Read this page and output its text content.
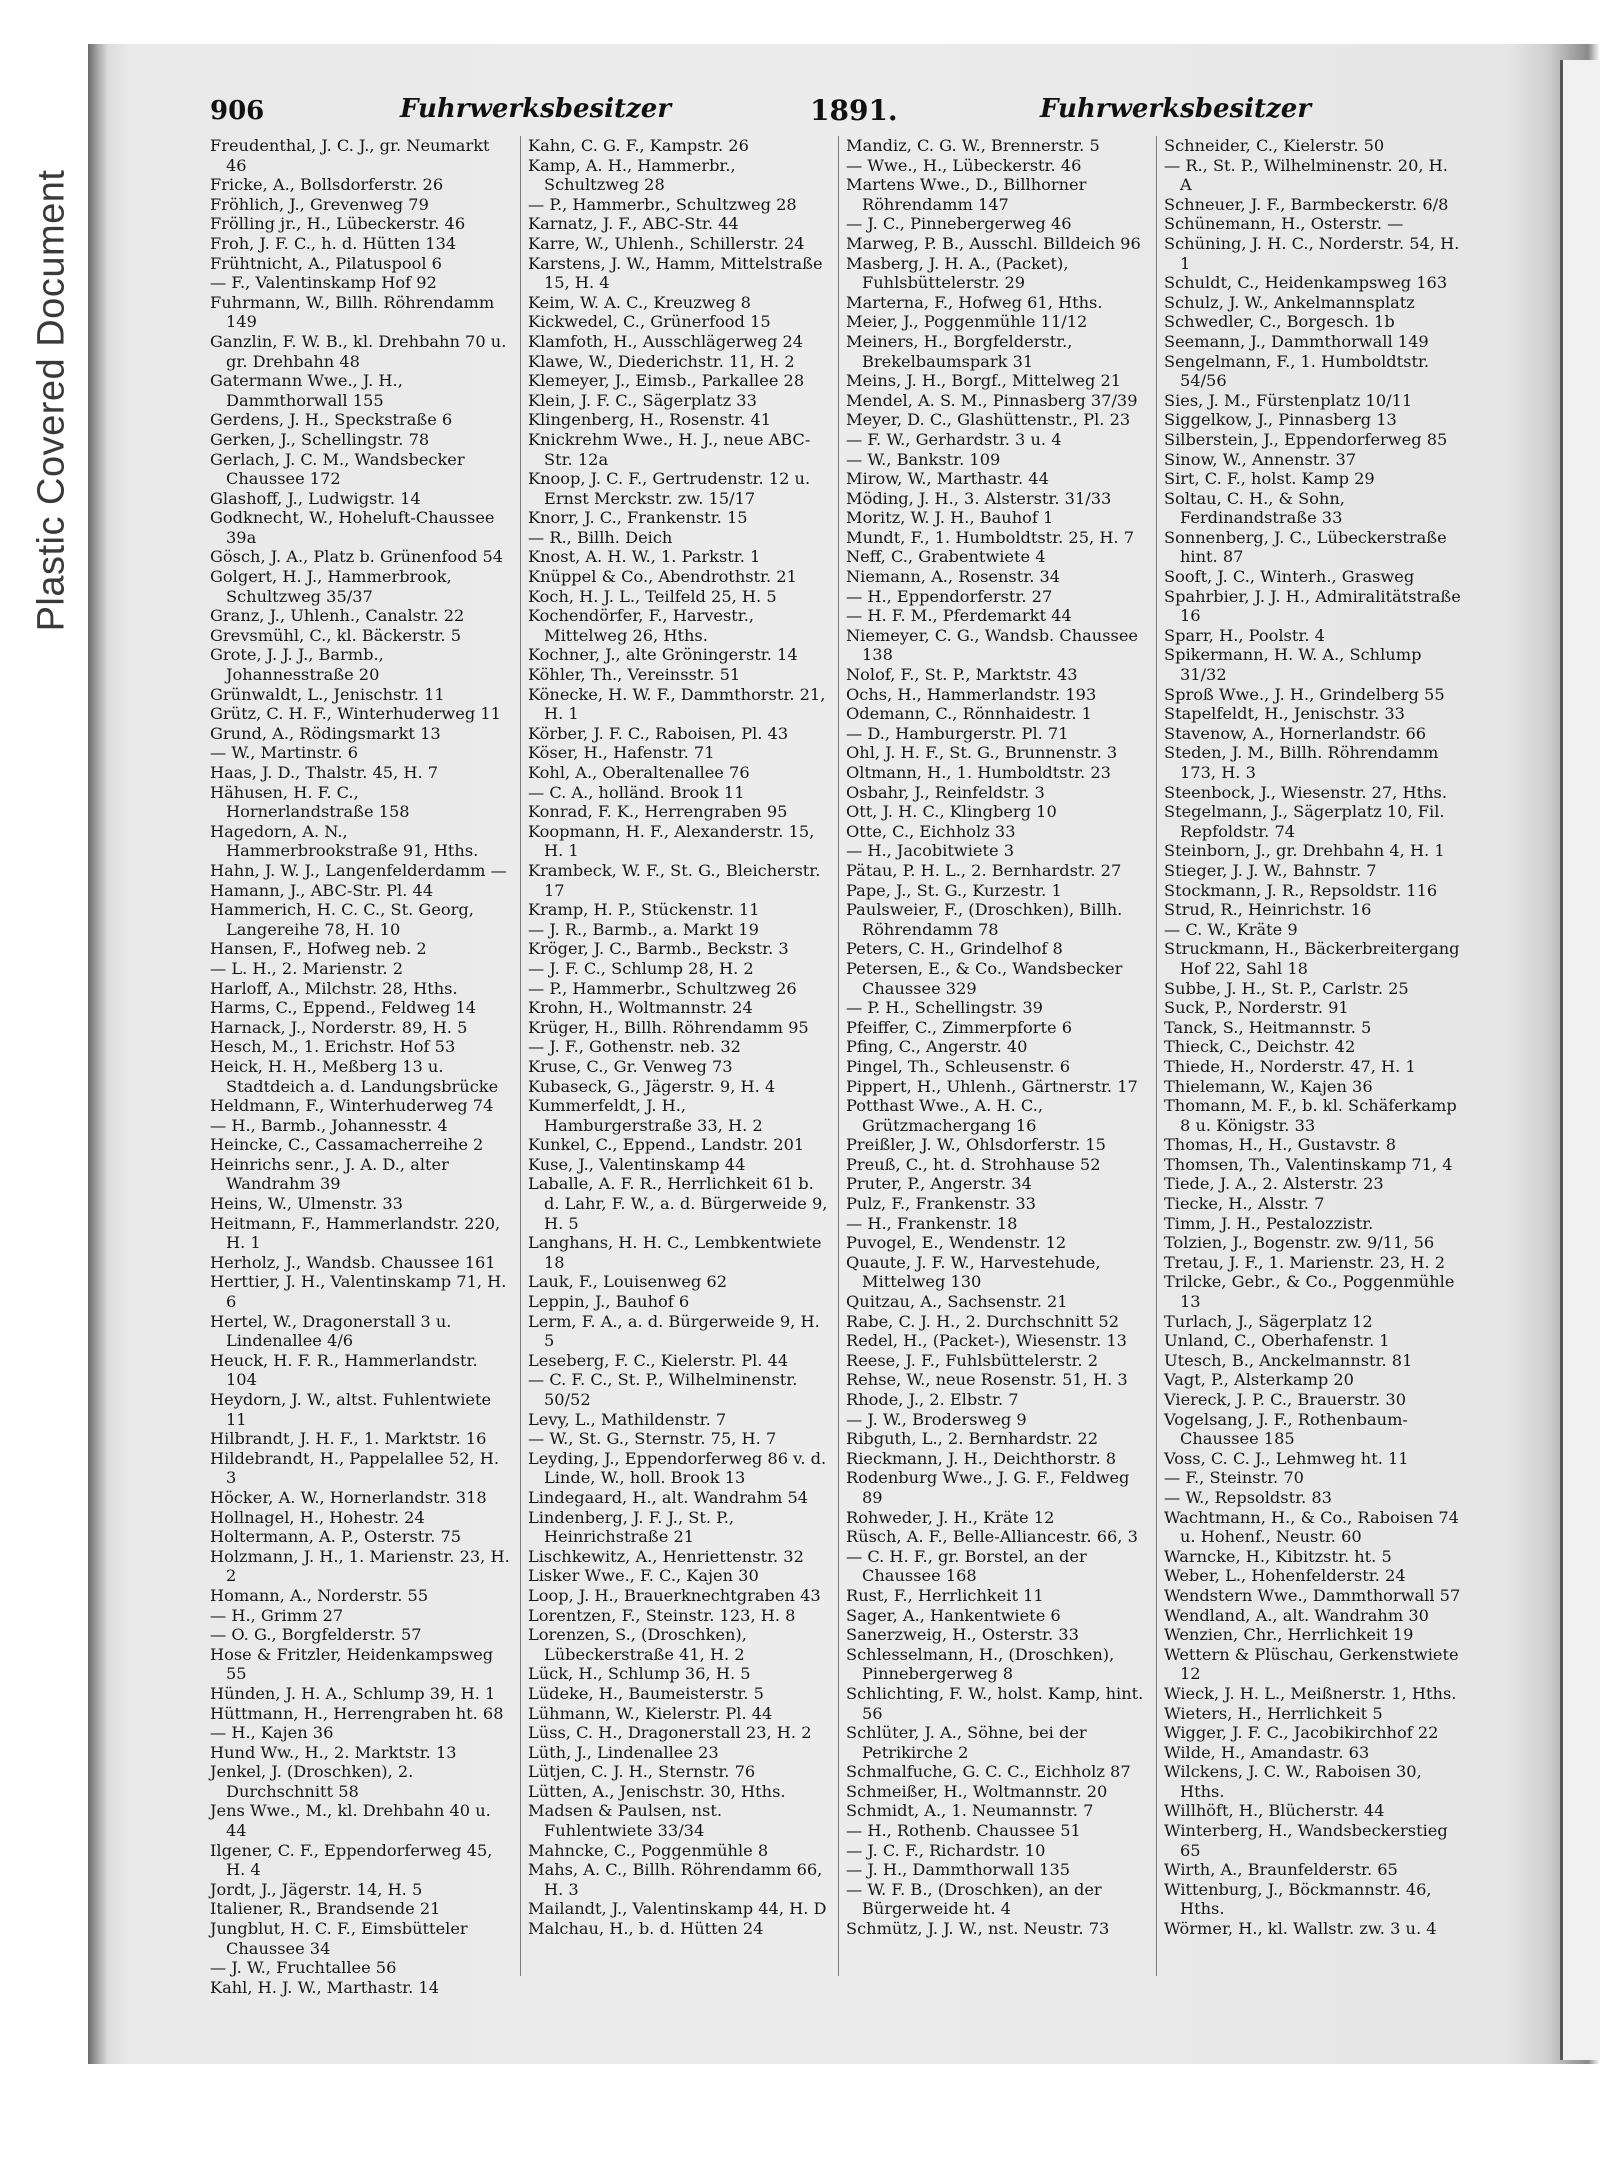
Plastic Covered Document
906	Fuhrwerksbesitzer	1891.	Fuhrwerksbesitzer

Freudenthal, J. C. J., gr. Neumarkt 46

Fricke, A., Bollsdorferstr. 26

Fröhlich, J., Grevenweg 79

Frölling jr., H., Lübeckerstr. 46

Froh, J. F. C., h. d. Hütten 134

Frühtnicht, A., Pilatuspool 6

— F., Valentinskamp Hof 92

Fuhrmann, W., Billh. Röhrendamm 149

Ganzlin, F. W. B., kl. Drehbahn 70 u. gr. Drehbahn 48

Gatermann Wwe., J. H., Dammthorwall 155

Gerdens, J. H., Speckstraße 6

Gerken, J., Schellingstr. 78

Gerlach, J. C. M., Wandsbecker Chaussee 172

Glashoff, J., Ludwigstr. 14

Godknecht, W., Hoheluft-Chaussee 39a

Gösch, J. A., Platz b. Grünenfood 54

Golgert, H. J., Hammerbrook, Schultzweg 35/37

Granz, J., Uhlenh., Canalstr. 22

Grevsmühl, C., kl. Bäckerstr. 5

Grote, J. J. J., Barmb., Johannesstraße 20

Grünwaldt, L., Jenischstr. 11

Grütz, C. H. F., Winterhuderweg 11

Grund, A., Rödingsmarkt 13

— W., Martinstr. 6

Haas, J. D., Thalstr. 45, H. 7

Hähusen, H. F. C., Hornerlandstraße 158

Hagedorn, A. N., Hammerbrookstraße 91, Hths.

Hahn, J. W. J., Langenfelderdamm —

Hamann, J., ABC-Str. Pl. 44

Hammerich, H. C. C., St. Georg, Langereihe 78, H. 10

Hansen, F., Hofweg neb. 2

— L. H., 2. Marienstr. 2

Harloff, A., Milchstr. 28, Hths.

Harms, C., Eppend., Feldweg 14

Harnack, J., Norderstr. 89, H. 5

Hesch, M., 1. Erichstr. Hof 53

Heick, H. H., Meßberg 13 u. Stadtdeich a. d. Landungsbrücke

Heldmann, F., Winterhuderweg 74

— H., Barmb., Johannesstr. 4

Heincke, C., Cassamacherreihe 2

Heinrichs senr., J. A. D., alter Wandrahm 39

Heins, W., Ulmenstr. 33

Heitmann, F., Hammerlandstr. 220, H. 1

Herholz, J., Wandsb. Chaussee 161

Herttier, J. H., Valentinskamp 71, H. 6

Hertel, W., Dragonerstall 3 u. Lindenallee 4/6

Heuck, H. F. R., Hammerlandstr. 104

Heydorn, J. W., altst. Fuhlentwiete 11

Hilbrandt, J. H. F., 1. Marktstr. 16

Hildebrandt, H., Pappelallee 52, H. 3

Höcker, A. W., Hornerlandstr. 318

Hollnagel, H., Hohestr. 24

Holtermann, A. P., Osterstr. 75

Holzmann, J. H., 1. Marienstr. 23, H. 2

Homann, A., Norderstr. 55

— H., Grimm 27

— O. G., Borgfelderstr. 57

Hose & Fritzler, Heidenkampsweg 55

Hünden, J. H. A., Schlump 39, H. 1

Hüttmann, H., Herrengraben ht. 68

— H., Kajen 36

Hund Ww., H., 2. Marktstr. 13

Jenkel, J. (Droschken), 2. Durchschnitt 58

Jens Wwe., M., kl. Drehbahn 40 u. 44

Ilgener, C. F., Eppendorferweg 45, H. 4

Jordt, J., Jägerstr. 14, H. 5

Italiener, R., Brandsende 21

Jungblut, H. C. F., Eimsbütteler Chaussee 34

— J. W., Fruchtallee 56

Kahl, H. J. W., Marthastr. 14

Kahn, C. G. F., Kampstr. 26

Kamp, A. H., Hammerbr., Schultzweg 28

— P., Hammerbr., Schultzweg 28

Karnatz, J. F., ABC-Str. 44

Karre, W., Uhlenh., Schillerstr. 24

Karstens, J. W., Hamm, Mittelstraße 15, H. 4

Keim, W. A. C., Kreuzweg 8

Kickwedel, C., Grünerfood 15

Klamfoth, H., Ausschlägerweg 24

Klawe, W., Diederichstr. 11, H. 2

Klemeyer, J., Eimsb., Parkallee 28

Klein, J. F. C., Sägerplatz 33

Klingenberg, H., Rosenstr. 41

Knickrehm Wwe., H. J., neue ABC-Str. 12a

Knoop, J. C. F., Gertrudenstr. 12 u. Ernst Merckstr. zw. 15/17

Knorr, J. C., Frankenstr. 15

— R., Billh. Deich

Knost, A. H. W., 1. Parkstr. 1

Knüppel & Co., Abendrothstr. 21

Koch, H. J. L., Teilfeld 25, H. 5

Kochendörfer, F., Harvestr., Mittelweg 26, Hths.

Kochner, J., alte Gröningerstr. 14

Köhler, Th., Vereinsstr. 51

Könecke, H. W. F., Dammthorstr. 21, H. 1

Körber, J. F. C., Raboisen, Pl. 43

Köser, H., Hafenstr. 71

Kohl, A., Oberaltenallee 76

— C. A., holländ. Brook 11

Konrad, F. K., Herrengraben 95

Koopmann, H. F., Alexanderstr. 15, H. 1

Krambeck, W. F., St. G., Bleicherstr. 17

Kramp, H. P., Stückenstr. 11

— J. R., Barmb., a. Markt 19

Kröger, J. C., Barmb., Beckstr. 3

— J. F. C., Schlump 28, H. 2

— P., Hammerbr., Schultzweg 26

Krohn, H., Woltmannstr. 24

Krüger, H., Billh. Röhrendamm 95

— J. F., Gothenstr. neb. 32

Kruse, C., Gr. Venweg 73

Kubaseck, G., Jägerstr. 9, H. 4

Kummerfeldt, J. H., Hamburgerstraße 33, H. 2

Kunkel, C., Eppend., Landstr. 201

Kuse, J., Valentinskamp 44

Laballe, A. F. R., Herrlichkeit 61 b. d. Lahr, F. W., a. d. Bürgerweide 9, H. 5

Langhans, H. H. C., Lembkentwiete 18

Lauk, F., Louisenweg 62

Leppin, J., Bauhof 6

Lerm, F. A., a. d. Bürgerweide 9, H. 5

Leseberg, F. C., Kielerstr. Pl. 44

— C. F. C., St. P., Wilhelminenstr. 50/52

Levy, L., Mathildenstr. 7

— W., St. G., Sternstr. 75, H. 7

Leyding, J., Eppendorferweg 86 v. d. Linde, W., holl. Brook 13

Lindegaard, H., alt. Wandrahm 54

Lindenberg, J. F. J., St. P., Heinrichstraße 21

Lischkewitz, A., Henriettenstr. 32

Lisker Wwe., F. C., Kajen 30

Loop, J. H., Brauerknechtgraben 43

Lorentzen, F., Steinstr. 123, H. 8

Lorenzen, S., (Droschken), Lübeckerstraße 41, H. 2

Lück, H., Schlump 36, H. 5

Lüdeke, H., Baumeisterstr. 5

Lühmann, W., Kielerstr. Pl. 44

Lüss, C. H., Dragonerstall 23, H. 2

Lüth, J., Lindenallee 23

Lütjen, C. J. H., Sternstr. 76

Lütten, A., Jenischstr. 30, Hths.

Madsen & Paulsen, nst. Fuhlentwiete 33/34

Mahncke, C., Poggenmühle 8

Mahs, A. C., Billh. Röhrendamm 66, H. 3

Mailandt, J., Valentinskamp 44, H. D

Malchau, H., b. d. Hütten 24

Mandiz, C. G. W., Brennerstr. 5

— Wwe., H., Lübeckerstr. 46

Martens Wwe., D., Billhorner Röhrendamm 147

— J. C., Pinnebergerweg 46

Marweg, P. B., Ausschl. Billdeich 96

Masberg, J. H. A., (Packet), Fuhlsbüttelerstr. 29

Marterna, F., Hofweg 61, Hths.

Meier, J., Poggenmühle 11/12

Meiners, H., Borgfelderstr., Brekelbaumspark 31

Meins, J. H., Borgf., Mittelweg 21

Mendel, A. S. M., Pinnasberg 37/39

Meyer, D. C., Glashüttenstr., Pl. 23

— F. W., Gerhardstr. 3 u. 4

— W., Bankstr. 109

Mirow, W., Marthastr. 44

Möding, J. H., 3. Alsterstr. 31/33

Moritz, W. J. H., Bauhof 1

Mundt, F., 1. Humboldtstr. 25, H. 7

Neff, C., Grabentwiete 4

Niemann, A., Rosenstr. 34

— H., Eppendorferstr. 27

— H. F. M., Pferdemarkt 44

Niemeyer, C. G., Wandsb. Chaussee 138

Nolof, F., St. P., Marktstr. 43

Ochs, H., Hammerlandstr. 193

Odemann, C., Rönnhaidestr. 1

— D., Hamburgerstr. Pl. 71

Ohl, J. H. F., St. G., Brunnenstr. 3

Oltmann, H., 1. Humboldtstr. 23

Osbahr, J., Reinfeldstr. 3

Ott, J. H. C., Klingberg 10

Otte, C., Eichholz 33

— H., Jacobitwiete 3

Pätau, P. H. L., 2. Bernhardstr. 27

Pape, J., St. G., Kurzestr. 1

Paulsweier, F., (Droschken), Billh. Röhrendamm 78

Peters, C. H., Grindelhof 8

Petersen, E., & Co., Wandsbecker Chaussee 329

— P. H., Schellingstr. 39

Pfeiffer, C., Zimmerpforte 6

Pfing, C., Angerstr. 40

Pingel, Th., Schleusenstr. 6

Pippert, H., Uhlenh., Gärtnerstr. 17

Potthast Wwe., A. H. C., Grützmachergang 16

Preißler, J. W., Ohlsdorferstr. 15

Preuß, C., ht. d. Strohhause 52

Pruter, P., Angerstr. 34

Pulz, F., Frankenstr. 33

— H., Frankenstr. 18

Puvogel, E., Wendenstr. 12

Quaute, J. F. W., Harvestehude, Mittelweg 130

Quitzau, A., Sachsenstr. 21

Rabe, C. J. H., 2. Durchschnitt 52

Redel, H., (Packet-), Wiesenstr. 13

Reese, J. F., Fuhlsbüttelerstr. 2

Rehse, W., neue Rosenstr. 51, H. 3

Rhode, J., 2. Elbstr. 7

— J. W., Brodersweg 9

Ribguth, L., 2. Bernhardstr. 22

Rieckmann, J. H., Deichthorstr. 8

Rodenburg Wwe., J. G. F., Feldweg 89

Rohweder, J. H., Kräte 12

Rüsch, A. F., Belle-Alliancestr. 66, 3

— C. H. F., gr. Borstel, an der Chaussee 168

Rust, F., Herrlichkeit 11

Sager, A., Hankentwiete 6

Sanerzweig, H., Osterstr. 33

Schlesselmann, H., (Droschken), Pinnebergerweg 8

Schlichting, F. W., holst. Kamp, hint. 56

Schlüter, J. A., Söhne, bei der Petrikirche 2

Schmalfuche, G. C. C., Eichholz 87

Schmeißer, H., Woltmannstr. 20

Schmidt, A., 1. Neumannstr. 7

— H., Rothenb. Chaussee 51

— J. C. F., Richardstr. 10

— J. H., Dammthorwall 135

— W. F. B., (Droschken), an der Bürgerweide ht. 4

Schmütz, J. J. W., nst. Neustr. 73

Schneider, C., Kielerstr. 50

— R., St. P., Wilhelminenstr. 20, H. A

Schneuer, J. F., Barmbeckerstr. 6/8

Schünemann, H., Osterstr. —

Schüning, J. H. C., Norderstr. 54, H. 1

Schuldt, C., Heidenkampsweg 163

Schulz, J. W., Ankelmannsplatz

Schwedler, C., Borgesch. 1b

Seemann, J., Dammthorwall 149

Sengelmann, F., 1. Humboldtstr. 54/56

Sies, J. M., Fürstenplatz 10/11

Siggelkow, J., Pinnasberg 13

Silberstein, J., Eppendorferweg 85

Sinow, W., Annenstr. 37

Sirt, C. F., holst. Kamp 29

Soltau, C. H., & Sohn, Ferdinandstraße 33

Sonnenberg, J. C., Lübeckerstraße hint. 87

Sooft, J. C., Winterh., Grasweg

Spahrbier, J. J. H., Admiralitätstraße 16

Sparr, H., Poolstr. 4

Spikermann, H. W. A., Schlump 31/32

Sproß Wwe., J. H., Grindelberg 55

Stapelfeldt, H., Jenischstr. 33

Stavenow, A., Hornerlandstr. 66

Steden, J. M., Billh. Röhrendamm 173, H. 3

Steenbock, J., Wiesenstr. 27, Hths.

Stegelmann, J., Sägerplatz 10, Fil. Repfoldstr. 74

Steinborn, J., gr. Drehbahn 4, H. 1

Stieger, J. J. W., Bahnstr. 7

Stockmann, J. R., Repsoldstr. 116

Strud, R., Heinrichstr. 16

— C. W., Kräte 9

Struckmann, H., Bäckerbreitergang Hof 22, Sahl 18

Subbe, J. H., St. P., Carlstr. 25

Suck, P., Norderstr. 91

Tanck, S., Heitmannstr. 5

Thieck, C., Deichstr. 42

Thiede, H., Norderstr. 47, H. 1

Thielemann, W., Kajen 36

Thomann, M. F., b. kl. Schäferkamp 8 u. Königstr. 33

Thomas, H., H., Gustavstr. 8

Thomsen, Th., Valentinskamp 71, 4

Tiede, J. A., 2. Alsterstr. 23

Tiecke, H., Alsstr. 7

Timm, J. H., Pestalozzistr.

Tolzien, J., Bogenstr. zw. 9/11, 56

Tretau, J. F., 1. Marienstr. 23, H. 2

Trilcke, Gebr., & Co., Poggenmühle 13

Turlach, J., Sägerplatz 12

Unland, C., Oberhafenstr. 1

Utesch, B., Anckelmannstr. 81

Vagt, P., Alsterkamp 20

Viereck, J. P. C., Brauerstr. 30

Vogelsang, J. F., Rothenbaum-Chaussee 185

Voss, C. C. J., Lehmweg ht. 11

— F., Steinstr. 70

— W., Repsoldstr. 83

Wachtmann, H., & Co., Raboisen 74 u. Hohenf., Neustr. 60

Warncke, H., Kibitzstr. ht. 5

Weber, L., Hohenfelderstr. 24

Wendstern Wwe., Dammthorwall 57

Wendland, A., alt. Wandrahm 30

Wenzien, Chr., Herrlichkeit 19

Wettern & Plüschau, Gerkenstwiete 12

Wieck, J. H. L., Meißnerstr. 1, Hths.

Wieters, H., Herrlichkeit 5

Wigger, J. F. C., Jacobikirchhof 22

Wilde, H., Amandastr. 63

Wilckens, J. C. W., Raboisen 30, Hths.

Willhöft, H., Blücherstr. 44

Winterberg, H., Wandsbeckerstieg 65

Wirth, A., Braunfelderstr. 65

Wittenburg, J., Böckmannstr. 46, Hths.

Wörmer, H., kl. Wallstr. zw. 3 u. 4
